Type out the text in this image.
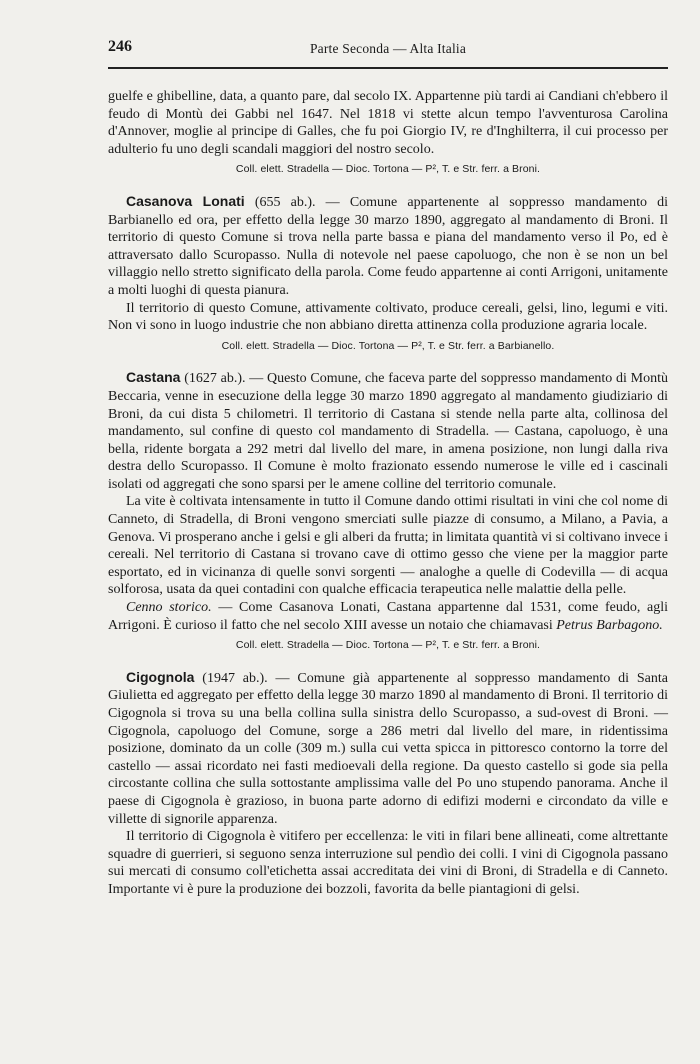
246	Parte Seconda — Alta Italia

guelfe e ghibelline, data, a quanto pare, dal secolo IX. Appartenne più tardi ai Candiani ch'ebbero il feudo di Montù dei Gabbi nel 1647. Nel 1818 vi stette alcun tempo l'avventurosa Carolina d'Annover, moglie al principe di Galles, che fu poi Giorgio IV, re d'Inghilterra, il cui processo per adulterio fu uno degli scandali maggiori del nostro secolo.

Coll. elett. Stradella — Dioc. Tortona — P², T. e Str. ferr. a Broni.

Casanova Lonati (655 ab.). — Comune appartenente al soppresso mandamento di Barbianello ed ora, per effetto della legge 30 marzo 1890, aggregato al mandamento di Broni. Il territorio di questo Comune si trova nella parte bassa e piana del mandamento verso il Po, ed è attraversato dallo Scuropasso. Nulla di notevole nel paese capoluogo, che non è se non un bel villaggio nello stretto significato della parola. Come feudo appartenne ai conti Arrigoni, unitamente a molti luoghi di questa pianura.

Il territorio di questo Comune, attivamente coltivato, produce cereali, gelsi, lino, legumi e viti. Non vi sono in luogo industrie che non abbiano diretta attinenza colla produzione agraria locale.

Coll. elett. Stradella — Dioc. Tortona — P², T. e Str. ferr. a Barbianello.

Castana (1627 ab.). — Questo Comune, che faceva parte del soppresso mandamento di Montù Beccaria, venne in esecuzione della legge 30 marzo 1890 aggregato al mandamento giudiziario di Broni, da cui dista 5 chilometri. Il territorio di Castana si stende nella parte alta, collinosa del mandamento, sul confine di questo col mandamento di Stradella. — Castana, capoluogo, è una bella, ridente borgata a 292 metri dal livello del mare, in amena posizione, non lungi dalla riva destra dello Scuropasso. Il Comune è molto frazionato essendo numerose le ville ed i cascinali isolati od aggregati che sono sparsi per le amene colline del territorio comunale.

La vite è coltivata intensamente in tutto il Comune dando ottimi risultati in vini che col nome di Canneto, di Stradella, di Broni vengono smerciati sulle piazze di consumo, a Milano, a Pavia, a Genova. Vi prosperano anche i gelsi e gli alberi da frutta; in limitata quantità vi si coltivano invece i cereali. Nel territorio di Castana si trovano cave di ottimo gesso che viene per la maggior parte esportato, ed in vicinanza di quelle sonvi sorgenti — analoghe a quelle di Codevilla — di acqua solforosa, usata da quei contadini con qualche efficacia terapeutica nelle malattie della pelle.

Cenno storico. — Come Casanova Lonati, Castana appartenne dal 1531, come feudo, agli Arrigoni. È curioso il fatto che nel secolo XIII avesse un notaio che chiamavasi Petrus Barbagono.

Coll. elett. Stradella — Dioc. Tortona — P², T. e Str. ferr. a Broni.

Cigognola (1947 ab.). — Comune già appartenente al soppresso mandamento di Santa Giulietta ed aggregato per effetto della legge 30 marzo 1890 al mandamento di Broni. Il territorio di Cigognola si trova su una bella collina sulla sinistra dello Scuropasso, a sud-ovest di Broni. — Cigognola, capoluogo del Comune, sorge a 286 metri dal livello del mare, in ridentissima posizione, dominato da un colle (309 m.) sulla cui vetta spicca in pittoresco contorno la torre del castello — assai ricordato nei fasti medioevali della regione. Da questo castello si gode sia pella circostante collina che sulla sottostante amplissima valle del Po uno stupendo panorama. Anche il paese di Cigognola è grazioso, in buona parte adorno di edifizi moderni e circondato da ville e villette di signorile apparenza.

Il territorio di Cigognola è vitifero per eccellenza: le viti in filari bene allineati, come altrettante squadre di guerrieri, si seguono senza interruzione sul pendìo dei colli. I vini di Cigognola passano sui mercati di consumo coll'etichetta assai accreditata dei vini di Broni, di Stradella e di Canneto. Importante vi è pure la produzione dei bozzoli, favorita da belle piantagioni di gelsi.
